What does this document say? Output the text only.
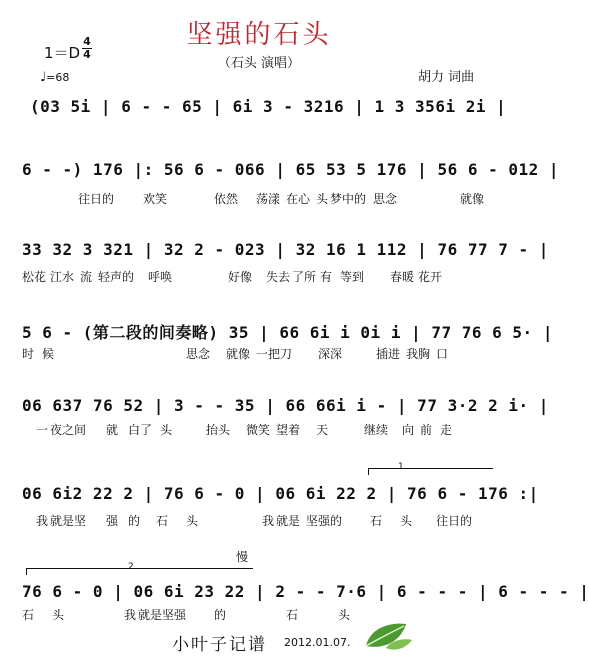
坚强的石头
（石头 演唱）
1＝D
4
4
♩=68	胡力 词曲
(03 5i | 6 - - 65 | 6i 3 - 3216 | 1 3 356i 2i |
6 - -) 176 |: 56 6 - 066 | 65 53 5 176 | 56 6 - 012 |
往日的 欢笑	依然 荡漾 在心 头 梦中的 思念	就像
33 32 3 321 | 32 2 - 023 | 32 16 1 112 | 76 77 7 - |
松花 江水 流 轻声的 呼唤	好像 失去 了所 有 等到 春暖 花开
5 6 - (第二段的间奏略) 35 | 66 6i i 0i i | 77 76 6 5· |
时 候	思念 就像 一把刀 深深	插进 我胸 口
06 637 76 52 | 3 - - 35 | 66 66i i - | 77 3·2 2 i· |
一 夜之间 就 白了 头	抬头 微笑 望着 天	继续 向 前 走
1
06 6i2 22 2 | 76 6 - 0 | 06 6i 22 2 | 76 6 - 176 :|
我 就是坚 强 的 石 头	我 就是 坚强的 石 头 往日的
2
慢
76 6 - 0 | 06 6i 23 22 | 2 - - 7·6 | 6 - - - | 6 - - - |
石 头	我 就是坚强 的	石	头
小叶子记谱 2012.01.07.
